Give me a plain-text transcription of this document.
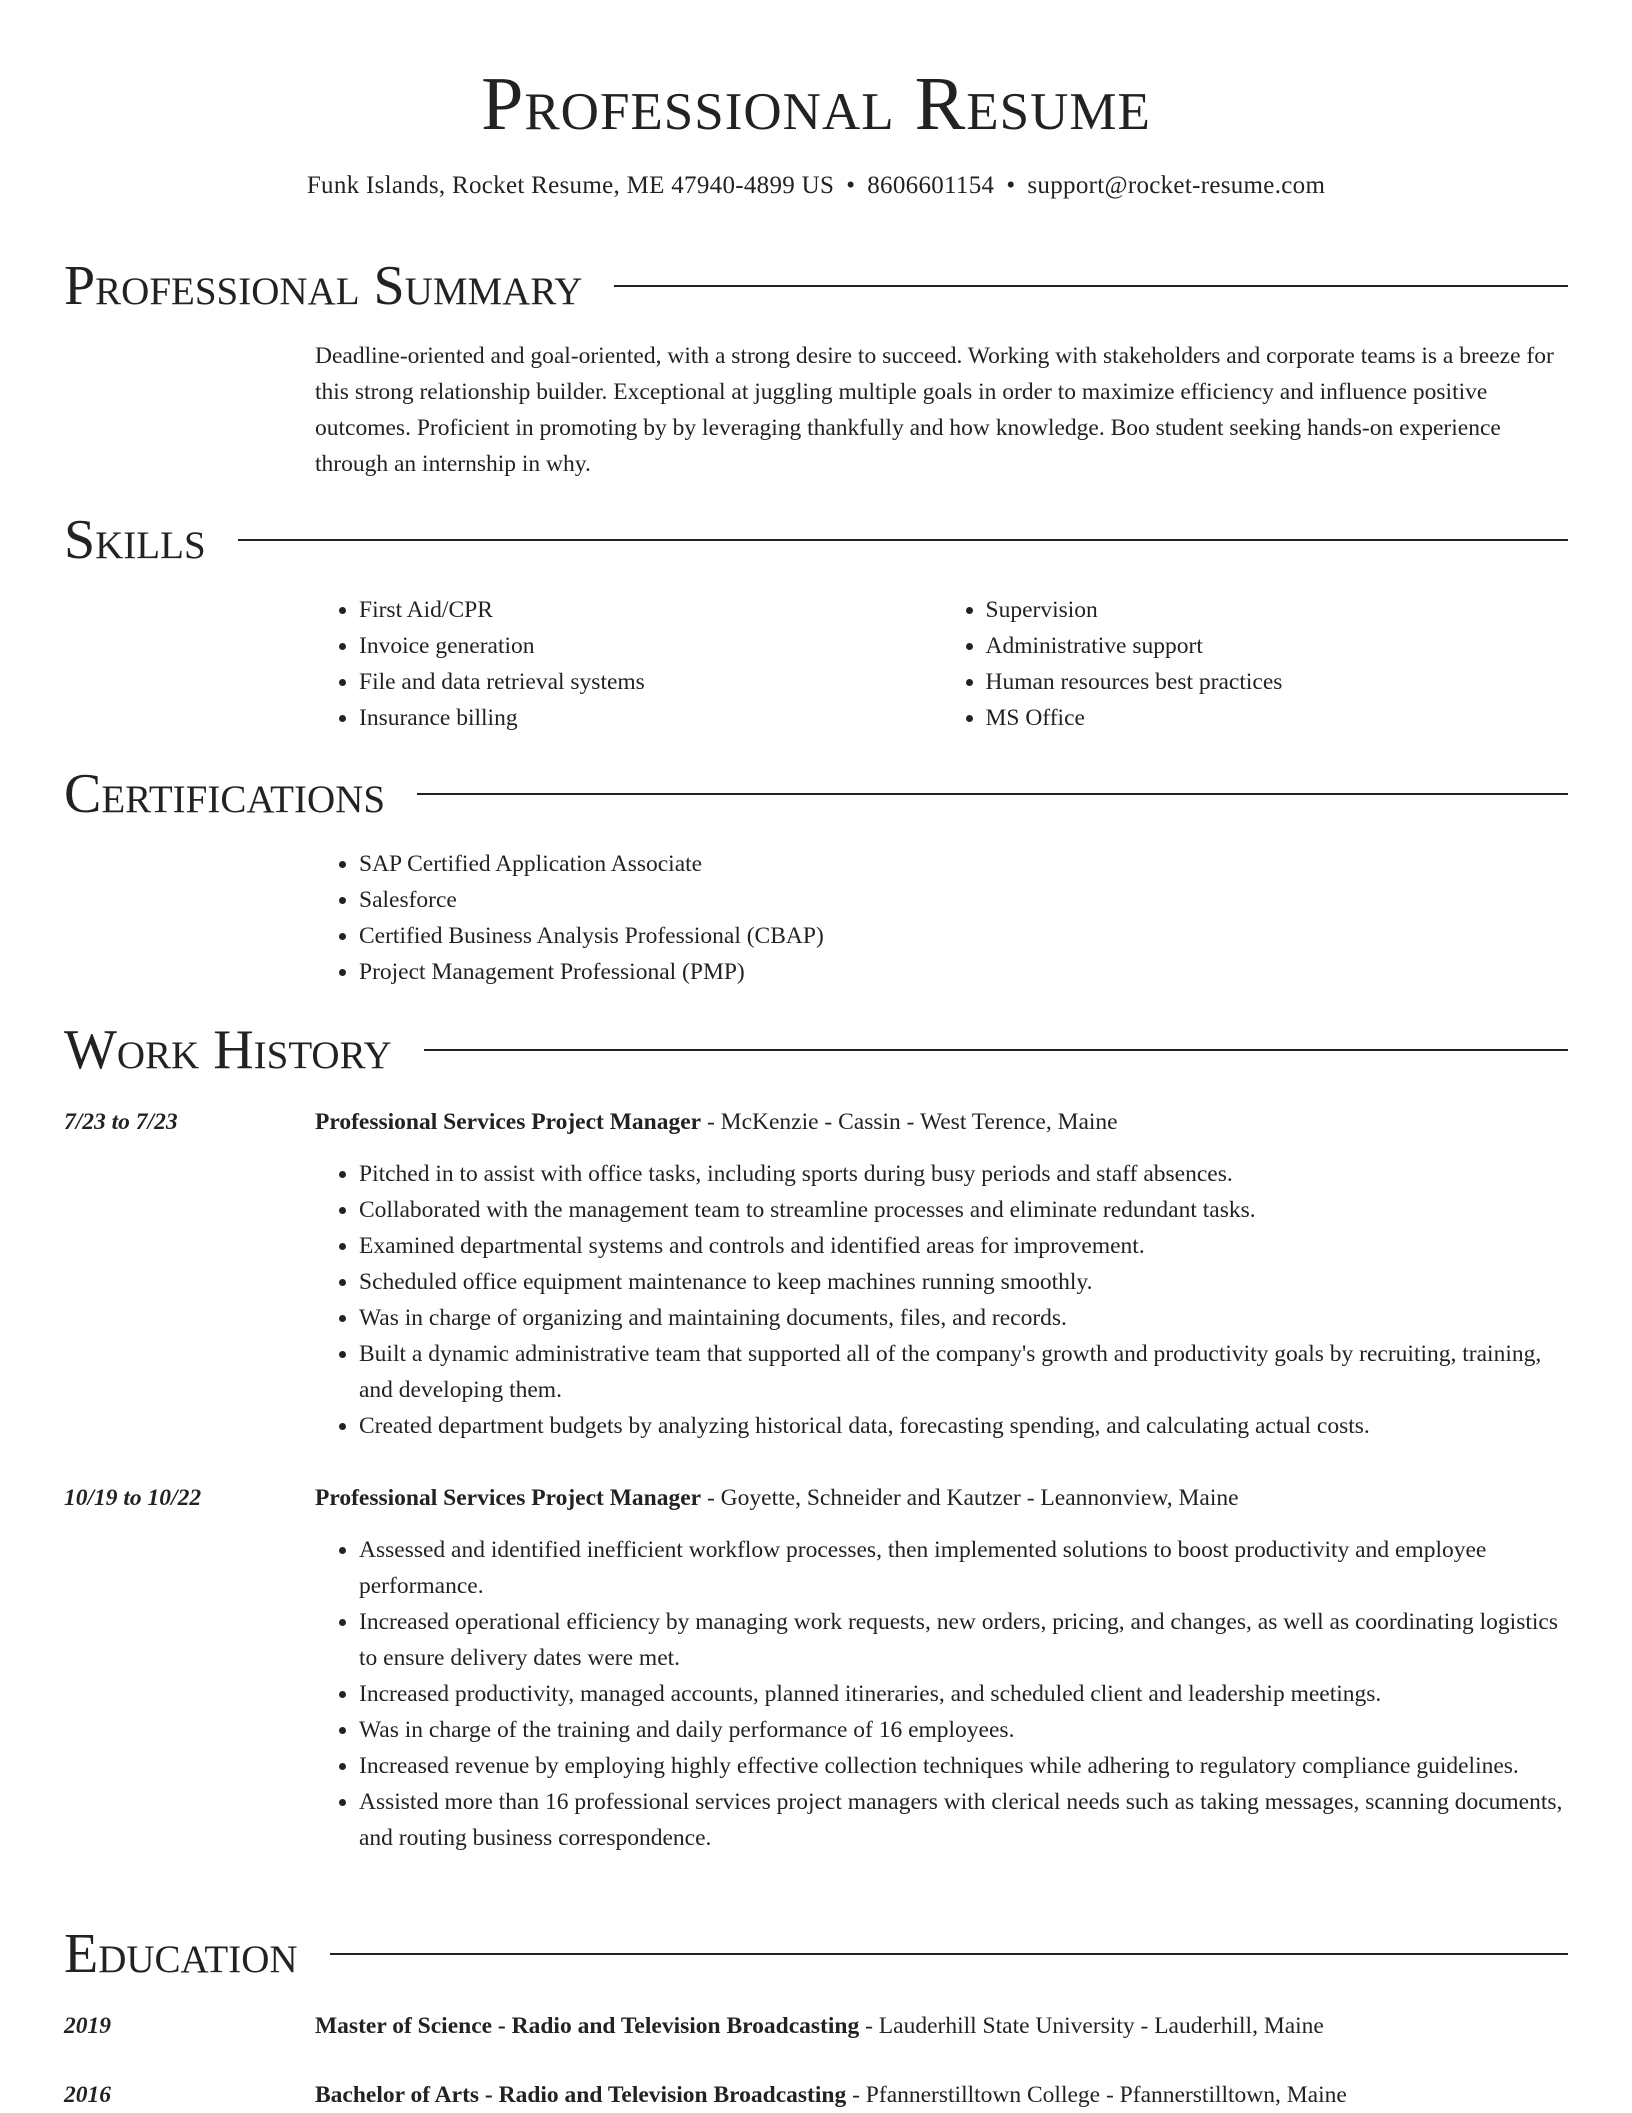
Professional Resume
Funk Islands, Rocket Resume, ME 47940-4899 US • 8606601154 • support@rocket-resume.com
Professional Summary

Deadline-oriented and goal-oriented, with a strong desire to succeed. Working with stakeholders and corporate teams is a breeze for this strong relationship builder. Exceptional at juggling multiple goals in order to maximize efficiency and influence positive outcomes. Proficient in promoting by by leveraging thankfully and how knowledge. Boo student seeking hands-on experience through an internship in why.

Skills
• First Aid/CPR
• Invoice generation
• File and data retrieval systems
• Insurance billing
• Supervision
• Administrative support
• Human resources best practices
• MS Office
Certifications
• SAP Certified Application Associate
• Salesforce
• Certified Business Analysis Professional (CBAP)
• Project Management Professional (PMP)
Work History
7/23 to 7/23	Professional Services Project Manager - McKenzie - Cassin - West Terence, Maine
• Pitched in to assist with office tasks, including sports during busy periods and staff absences.
• Collaborated with the management team to streamline processes and eliminate redundant tasks.
• Examined departmental systems and controls and identified areas for improvement.
• Scheduled office equipment maintenance to keep machines running smoothly.
• Was in charge of organizing and maintaining documents, files, and records.
• Built a dynamic administrative team that supported all of the company's growth and productivity goals by recruiting, training, and developing them.
• Created department budgets by analyzing historical data, forecasting spending, and calculating actual costs.
10/19 to 10/22	Professional Services Project Manager - Goyette, Schneider and Kautzer - Leannonview, Maine
• Assessed and identified inefficient workflow processes, then implemented solutions to boost productivity and employee performance.
• Increased operational efficiency by managing work requests, new orders, pricing, and changes, as well as coordinating logistics to ensure delivery dates were met.
• Increased productivity, managed accounts, planned itineraries, and scheduled client and leadership meetings.
• Was in charge of the training and daily performance of 16 employees.
• Increased revenue by employing highly effective collection techniques while adhering to regulatory compliance guidelines.
• Assisted more than 16 professional services project managers with clerical needs such as taking messages, scanning documents, and routing business correspondence.
Education
2019	Master of Science - Radio and Television Broadcasting - Lauderhill State University - Lauderhill, Maine
2016	Bachelor of Arts - Radio and Television Broadcasting - Pfannerstilltown College - Pfannerstilltown, Maine
